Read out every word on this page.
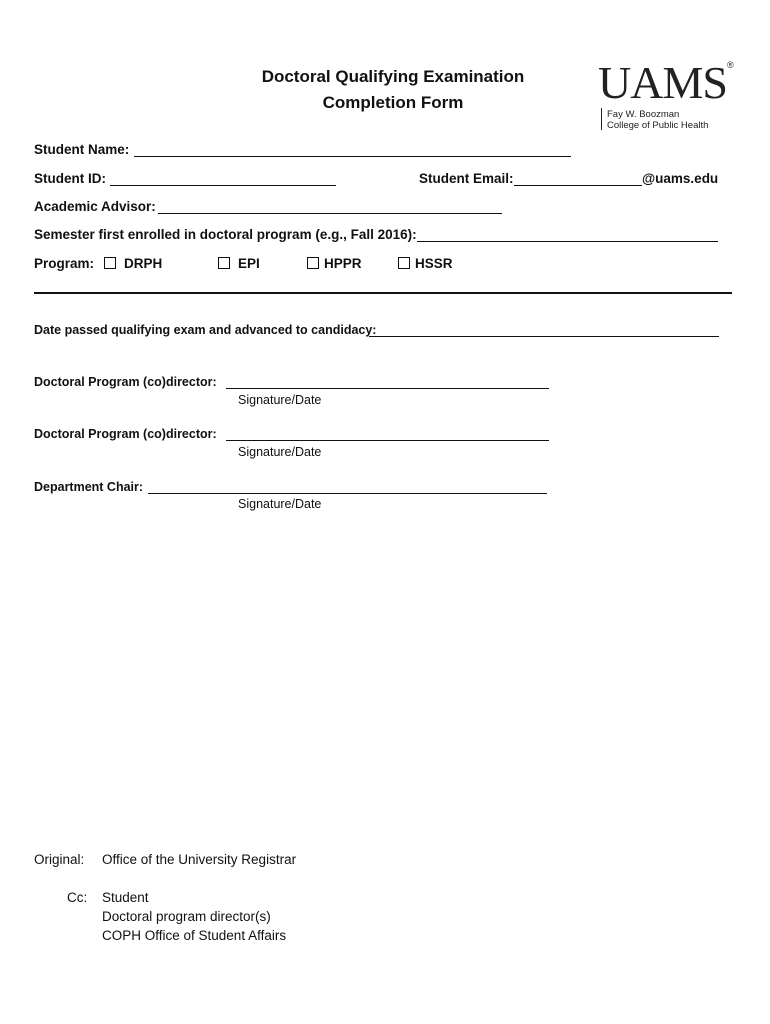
Doctoral Qualifying Examination
Completion Form	UAMS®
Fay W. Boozman
College of Public Health
Student Name:
Student ID:	Student Email:	@uams.edu
Academic Advisor:
Semester first enrolled in doctoral program (e.g., Fall 2016):
Program:	DRPH	EPI	HPPR	HSSR
Date passed qualifying exam and advanced to candidacy:
Doctoral Program (co)director:
Signature/Date
Doctoral Program (co)director:
Signature/Date
Department Chair:
Signature/Date
Original: Office of the University Registrar
Cc: Student
Doctoral program director(s)
COPH Office of Student Affairs
